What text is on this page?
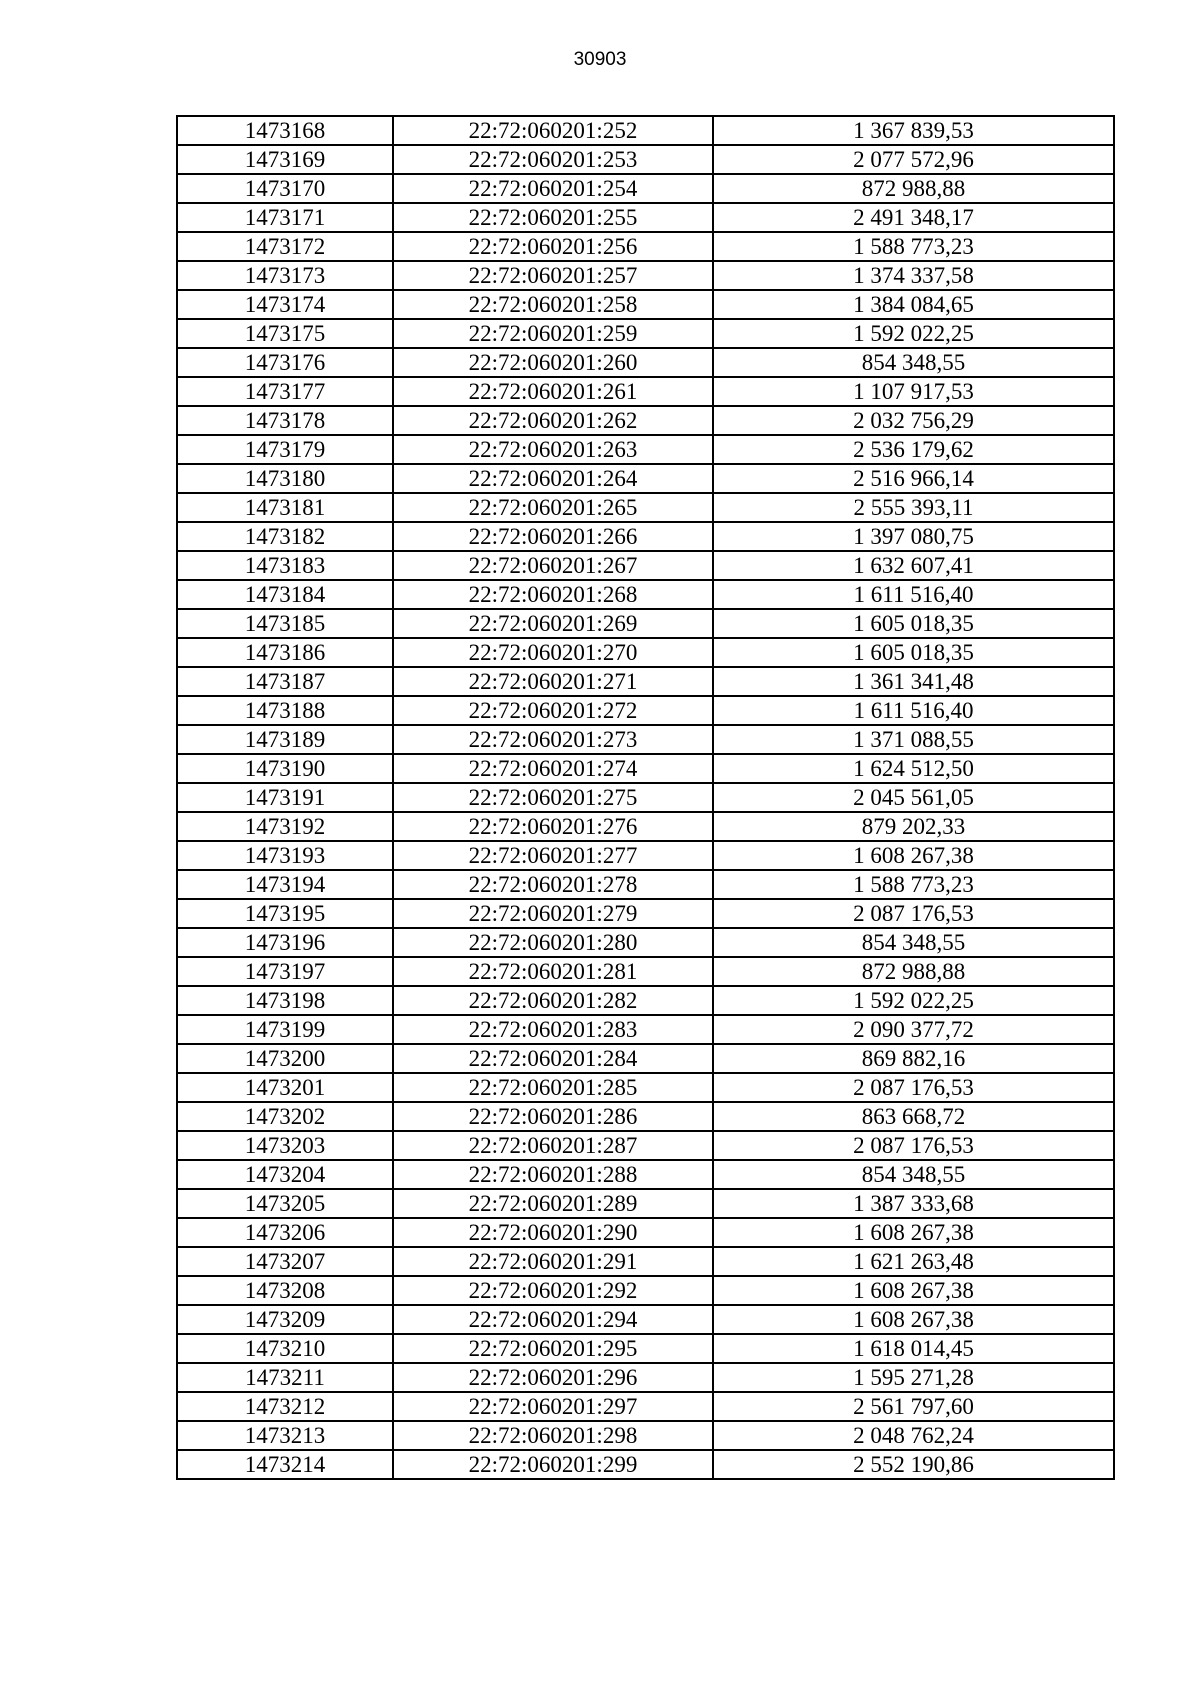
30903
1473168	22:72:060201:252	1 367 839,53
1473169	22:72:060201:253	2 077 572,96
1473170	22:72:060201:254	872 988,88
1473171	22:72:060201:255	2 491 348,17
1473172	22:72:060201:256	1 588 773,23
1473173	22:72:060201:257	1 374 337,58
1473174	22:72:060201:258	1 384 084,65
1473175	22:72:060201:259	1 592 022,25
1473176	22:72:060201:260	854 348,55
1473177	22:72:060201:261	1 107 917,53
1473178	22:72:060201:262	2 032 756,29
1473179	22:72:060201:263	2 536 179,62
1473180	22:72:060201:264	2 516 966,14
1473181	22:72:060201:265	2 555 393,11
1473182	22:72:060201:266	1 397 080,75
1473183	22:72:060201:267	1 632 607,41
1473184	22:72:060201:268	1 611 516,40
1473185	22:72:060201:269	1 605 018,35
1473186	22:72:060201:270	1 605 018,35
1473187	22:72:060201:271	1 361 341,48
1473188	22:72:060201:272	1 611 516,40
1473189	22:72:060201:273	1 371 088,55
1473190	22:72:060201:274	1 624 512,50
1473191	22:72:060201:275	2 045 561,05
1473192	22:72:060201:276	879 202,33
1473193	22:72:060201:277	1 608 267,38
1473194	22:72:060201:278	1 588 773,23
1473195	22:72:060201:279	2 087 176,53
1473196	22:72:060201:280	854 348,55
1473197	22:72:060201:281	872 988,88
1473198	22:72:060201:282	1 592 022,25
1473199	22:72:060201:283	2 090 377,72
1473200	22:72:060201:284	869 882,16
1473201	22:72:060201:285	2 087 176,53
1473202	22:72:060201:286	863 668,72
1473203	22:72:060201:287	2 087 176,53
1473204	22:72:060201:288	854 348,55
1473205	22:72:060201:289	1 387 333,68
1473206	22:72:060201:290	1 608 267,38
1473207	22:72:060201:291	1 621 263,48
1473208	22:72:060201:292	1 608 267,38
1473209	22:72:060201:294	1 608 267,38
1473210	22:72:060201:295	1 618 014,45
1473211	22:72:060201:296	1 595 271,28
1473212	22:72:060201:297	2 561 797,60
1473213	22:72:060201:298	2 048 762,24
1473214	22:72:060201:299	2 552 190,86
